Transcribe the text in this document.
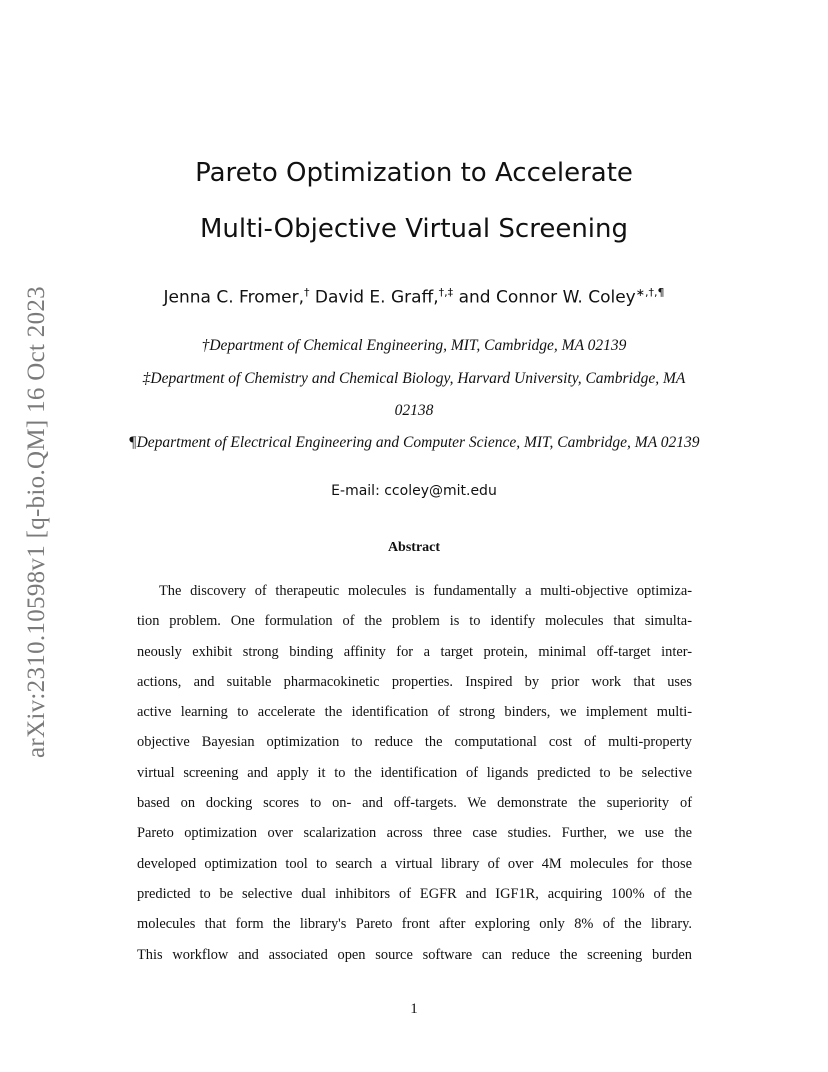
arXiv:2310.10598v1 [q-bio.QM] 16 Oct 2023
Pareto Optimization to Accelerate
Multi-Objective Virtual Screening

Jenna C. Fromer,† David E. Graff,†,‡ and Connor W. Coley∗,†,¶

†Department of Chemical Engineering, MIT, Cambridge, MA 02139

‡Department of Chemistry and Chemical Biology, Harvard University, Cambridge, MA

02138

¶Department of Electrical Engineering and Computer Science, MIT, Cambridge, MA 02139

E-mail: ccoley@mit.edu

Abstract
The discovery of therapeutic molecules is fundamentally a multi-objective optimiza-
tion problem. One formulation of the problem is to identify molecules that simulta-
neously exhibit strong binding affinity for a target protein, minimal off-target inter-
actions, and suitable pharmacokinetic properties. Inspired by prior work that uses
active learning to accelerate the identification of strong binders, we implement multi-
objective Bayesian optimization to reduce the computational cost of multi-property
virtual screening and apply it to the identification of ligands predicted to be selective
based on docking scores to on- and off-targets. We demonstrate the superiority of
Pareto optimization over scalarization across three case studies. Further, we use the
developed optimization tool to search a virtual library of over 4M molecules for those
predicted to be selective dual inhibitors of EGFR and IGF1R, acquiring 100% of the
molecules that form the library's Pareto front after exploring only 8% of the library.
This workflow and associated open source software can reduce the screening burden

1
